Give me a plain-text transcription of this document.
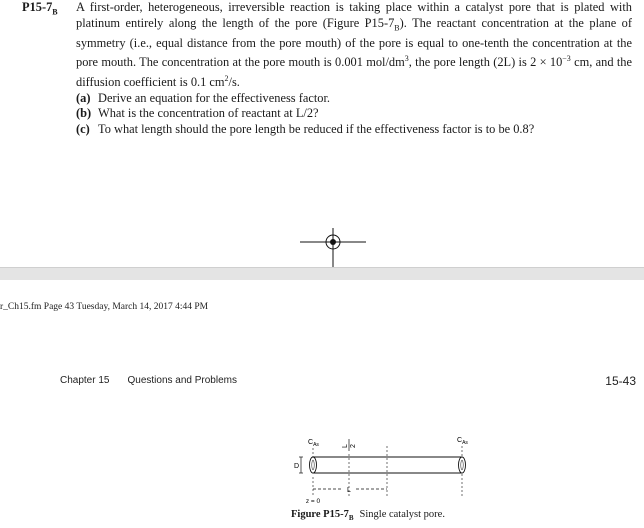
$P15-7_B$ A first-order, heterogeneous, irreversible reaction is taking place within a catalyst pore that is plated with platinum entirely along the length of the pore (Figure $P15-7_B$). The reactant concentration at the plane of symmetry (i.e., equal distance from the pore mouth) of the pore is equal to one-tenth the concentration at the pore mouth. The concentration at the pore mouth is 0.001 mol/$dm^3$, the pore length (2L) is $2 \times 10^{-3}$ cm, and the diffusion coefficient is 0.1 $cm^2/s$.
(a) Derive an equation for the effectiveness factor.
(b) What is the concentration of reactant at L/2?
(c) To what length should the pore length be reduced if the effectiveness factor is to be 0.8?
r_Ch15.fm Page 43 Tuesday, March 14, 2017 4:44 PM
Chapter 15 Questions and Problems	15-43
$C_{As}$
$C_{As}$
L 2
D
L
z = 0
Figure $P15-7_B$ Single catalyst pore.
